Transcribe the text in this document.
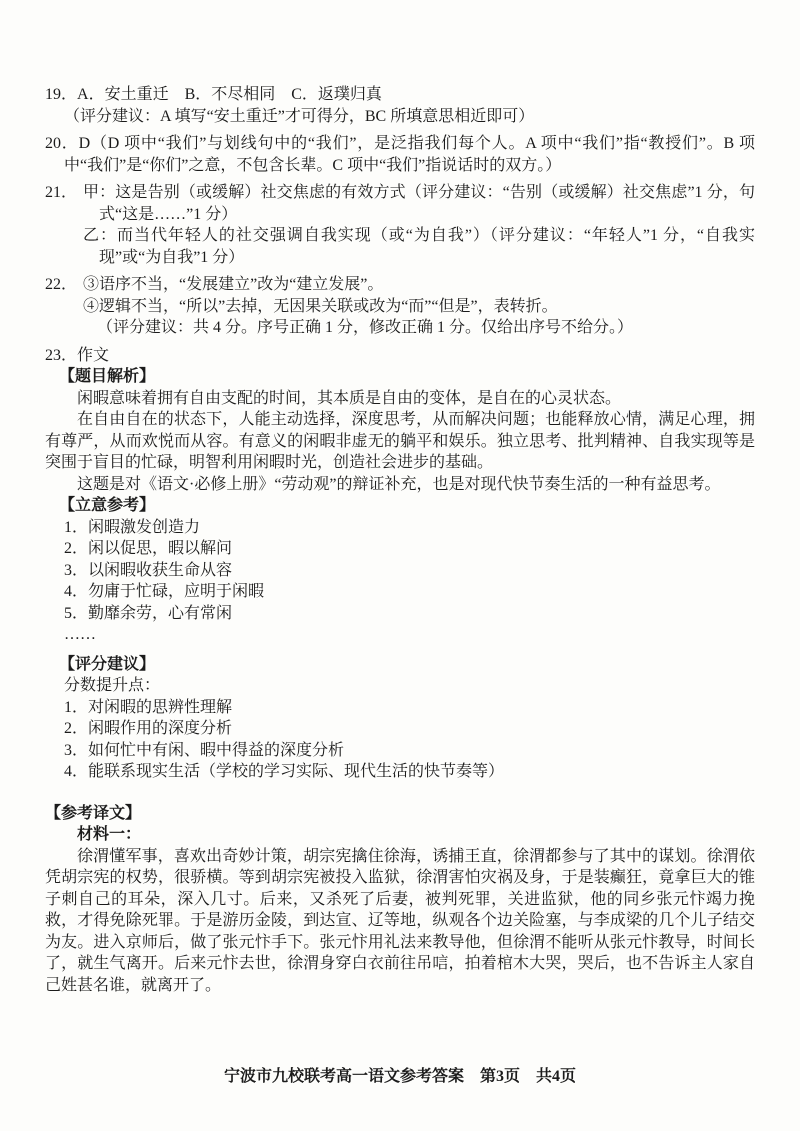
19．A．安土重迁　B．不尽相同　C．返璞归真

（评分建议：A 填写“安土重迁”才可得分，BC 所填意思相近即可）

20．D（D 项中“我们”与划线句中的“我们”，是泛指我们每个人。A 项中“我们”指“教授们”。B 项中“我们”是“你们”之意，不包含长辈。C 项中“我们”指说话时的双方。）

21． 甲：这是告别（或缓解）社交焦虑的有效方式（评分建议：“告别（或缓解）社交焦虑”1 分，句式“这是……”1 分）

乙：而当代年轻人的社交强调自我实现（或“为自我”）（评分建议：“年轻人”1 分，“自我实现”或“为自我”1 分）

22． ③语序不当，“发展建立”改为“建立发展”。

④逻辑不当，“所以”去掉，无因果关联或改为“而”“但是”，表转折。

（评分建议：共 4 分。序号正确 1 分，修改正确 1 分。仅给出序号不给分。）

23．作文

【题目解析】

闲暇意味着拥有自由支配的时间，其本质是自由的变体，是自在的心灵状态。

在自由自在的状态下，人能主动选择，深度思考，从而解决问题；也能释放心情，满足心理，拥有尊严，从而欢悦而从容。有意义的闲暇非虚无的躺平和娱乐。独立思考、批判精神、自我实现等是突围于盲目的忙碌，明智利用闲暇时光，创造社会进步的基础。

这题是对《语文·必修上册》“劳动观”的辩证补充，也是对现代快节奏生活的一种有益思考。

【立意参考】

1．闲暇激发创造力

2．闲以促思，暇以解问

3．以闲暇收获生命从容

4．勿庸于忙碌，应明于闲暇

5．勤靡余劳，心有常闲

……

【评分建议】

分数提升点：

1．对闲暇的思辨性理解

2．闲暇作用的深度分析

3．如何忙中有闲、暇中得益的深度分析

4．能联系现实生活（学校的学习实际、现代生活的快节奏等）

【参考译文】

材料一：

徐渭懂军事，喜欢出奇妙计策，胡宗宪擒住徐海，诱捕王直，徐渭都参与了其中的谋划。徐渭依凭胡宗宪的权势，很骄横。等到胡宗宪被投入监狱，徐渭害怕灾祸及身，于是装癫狂，竟拿巨大的锥子刺自己的耳朵，深入几寸。后来，又杀死了后妻，被判死罪，关进监狱，他的同乡张元忭竭力挽救，才得免除死罪。于是游历金陵，到达宣、辽等地，纵观各个边关险塞，与李成梁的几个儿子结交为友。进入京师后，做了张元忭手下。张元忭用礼法来教导他，但徐渭不能听从张元忭教导，时间长了，就生气离开。后来元忭去世，徐渭身穿白衣前往吊唁，拍着棺木大哭，哭后，也不告诉主人家自己姓甚名谁，就离开了。

宁波市九校联考高一语文参考答案　第3页　共4页
